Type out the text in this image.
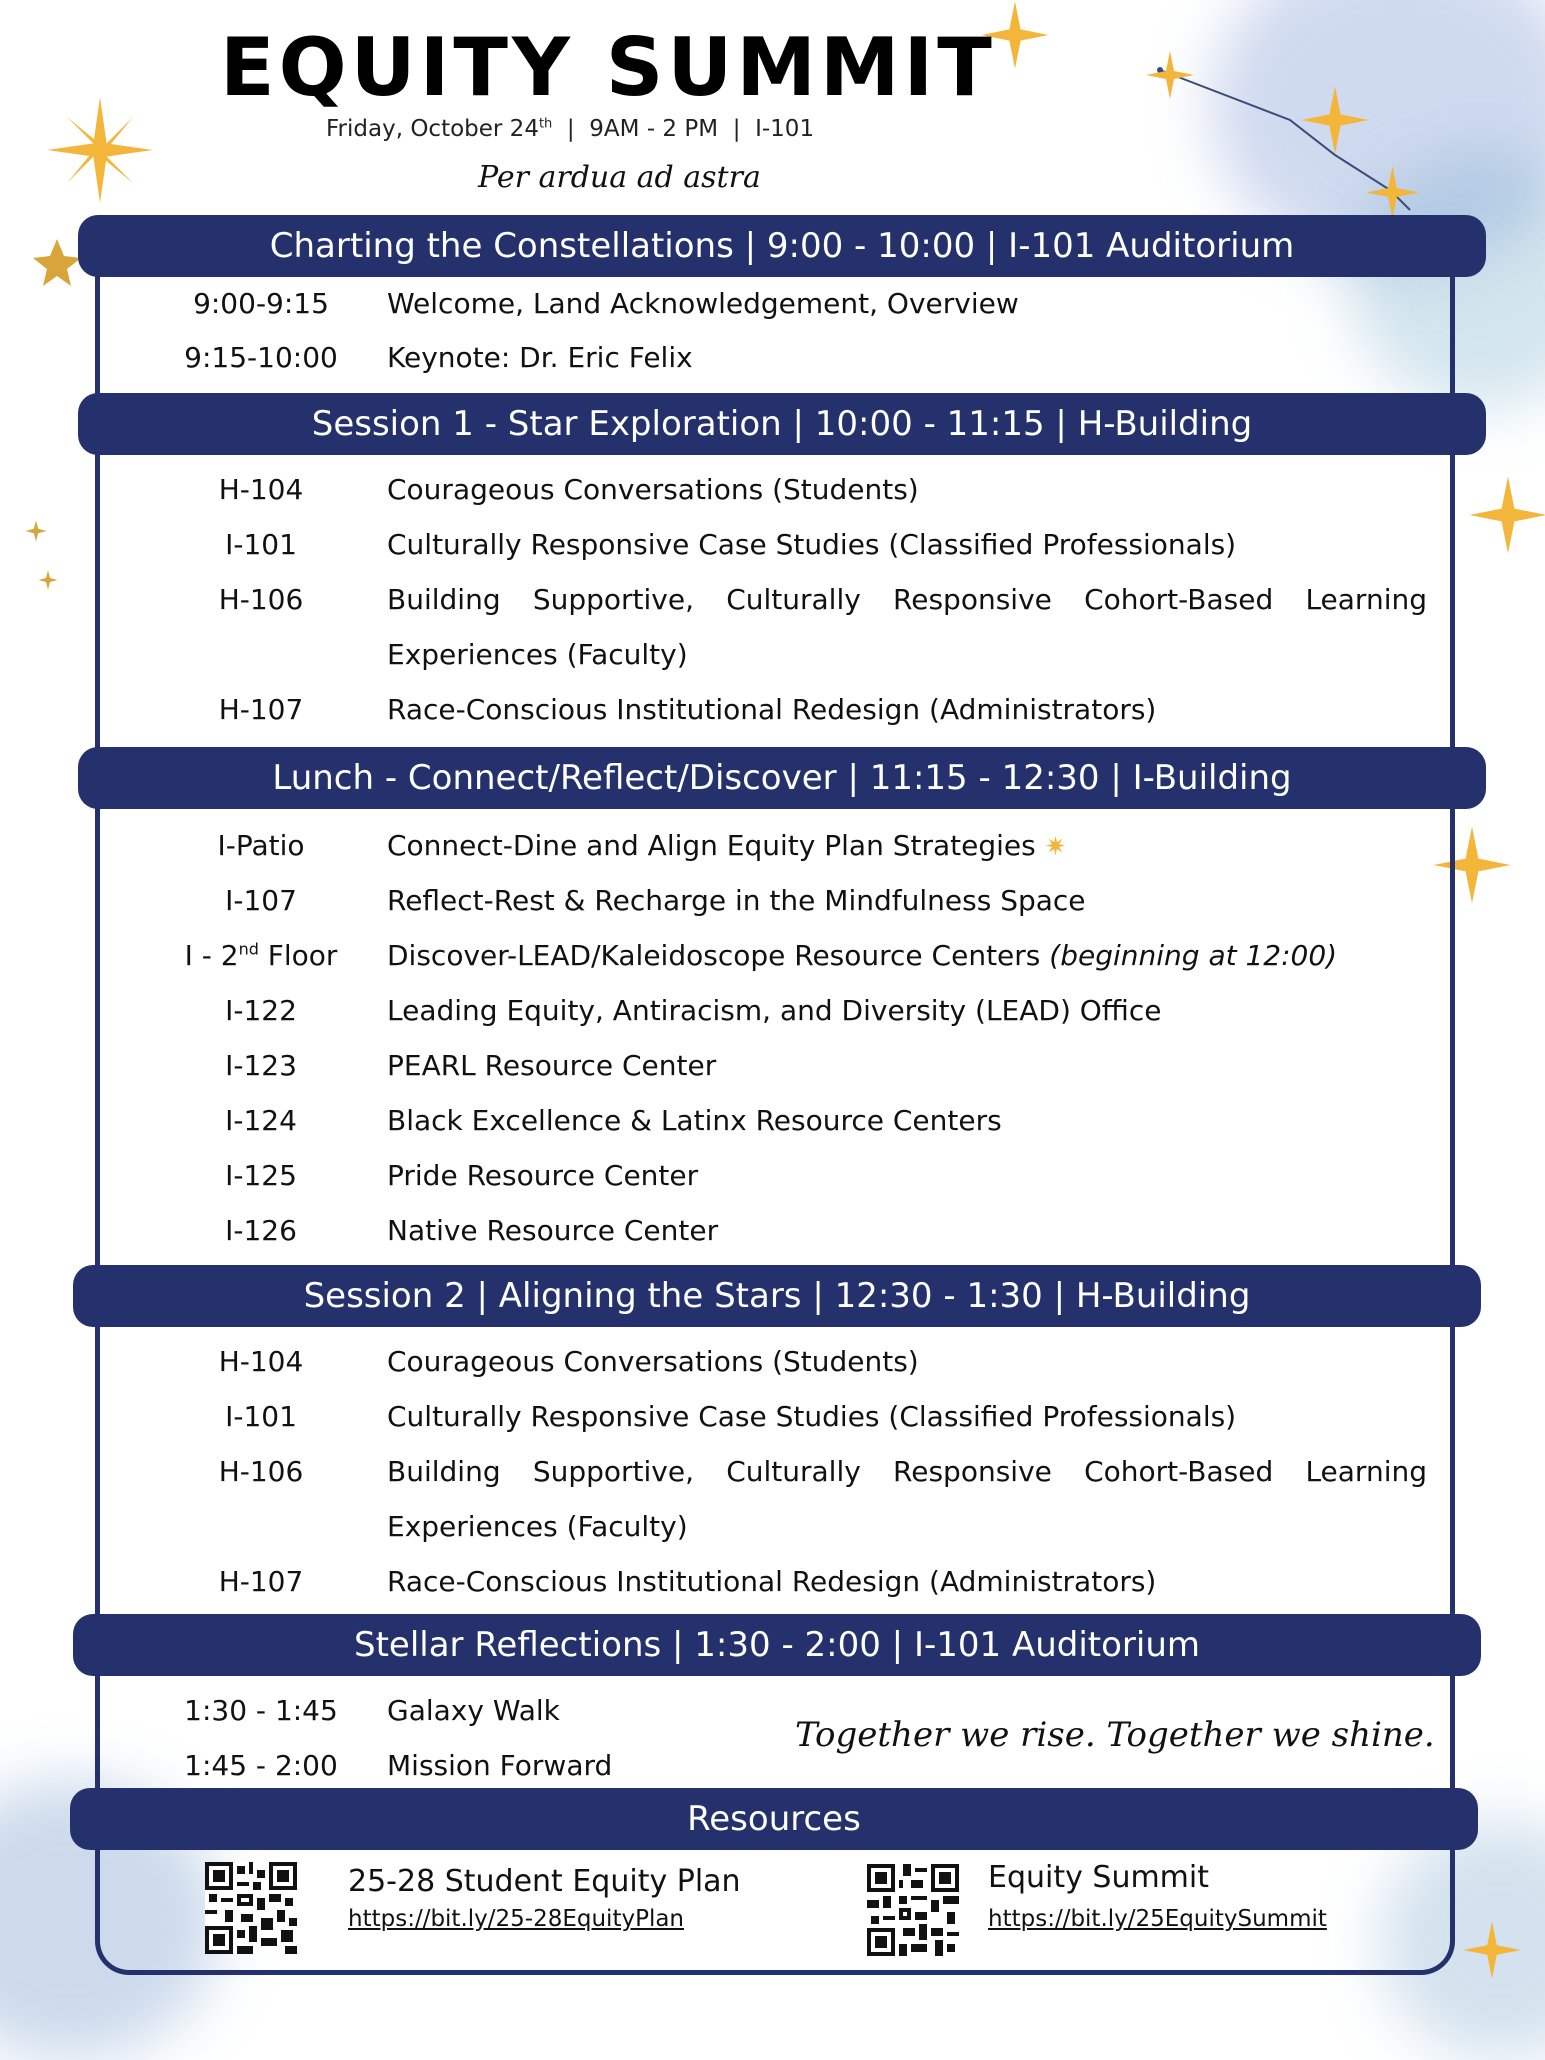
EQUITY SUMMIT
Friday, October 24th  |  9AM - 2 PM  |  I-101
Per ardua ad astra
Charting the Constellations | 9:00 - 10:00 | I-101 Auditorium
9:00-9:15	Welcome, Land Acknowledgement, Overview
9:15-10:00	Keynote: Dr. Eric Felix
Session 1 - Star Exploration | 10:00 - 11:15 | H-Building
H-104	Courageous Conversations (Students)
I-101	Culturally Responsive Case Studies (Classified Professionals)
H-106	Building Supportive, Culturally Responsive Cohort-Based Learning
Experiences (Faculty)
H-107	Race-Conscious Institutional Redesign (Administrators)
Lunch - Connect/Reflect/Discover | 11:15 - 12:30 | I-Building
I-Patio	Connect-Dine and Align Equity Plan Strategies ✷
I-107	Reflect-Rest & Recharge in the Mindfulness Space
I - 2nd Floor	Discover-LEAD/Kaleidoscope Resource Centers (beginning at 12:00)
I-122	Leading Equity, Antiracism, and Diversity (LEAD) Office
I-123	PEARL Resource Center
I-124	Black Excellence & Latinx Resource Centers
I-125	Pride Resource Center
I-126	Native Resource Center
Session 2 | Aligning the Stars | 12:30 - 1:30 | H-Building
H-104	Courageous Conversations (Students)
I-101	Culturally Responsive Case Studies (Classified Professionals)
H-106	Building Supportive, Culturally Responsive Cohort-Based Learning
Experiences (Faculty)
H-107	Race-Conscious Institutional Redesign (Administrators)
Stellar Reflections | 1:30 - 2:00 | I-101 Auditorium
1:30 - 1:45	Galaxy Walk
1:45 - 2:00	Mission Forward
Together we rise. Together we shine.
Resources
25-28 Student Equity Plan
https://bit.ly/25-28EquityPlan
Equity Summit
https://bit.ly/25EquitySummit
